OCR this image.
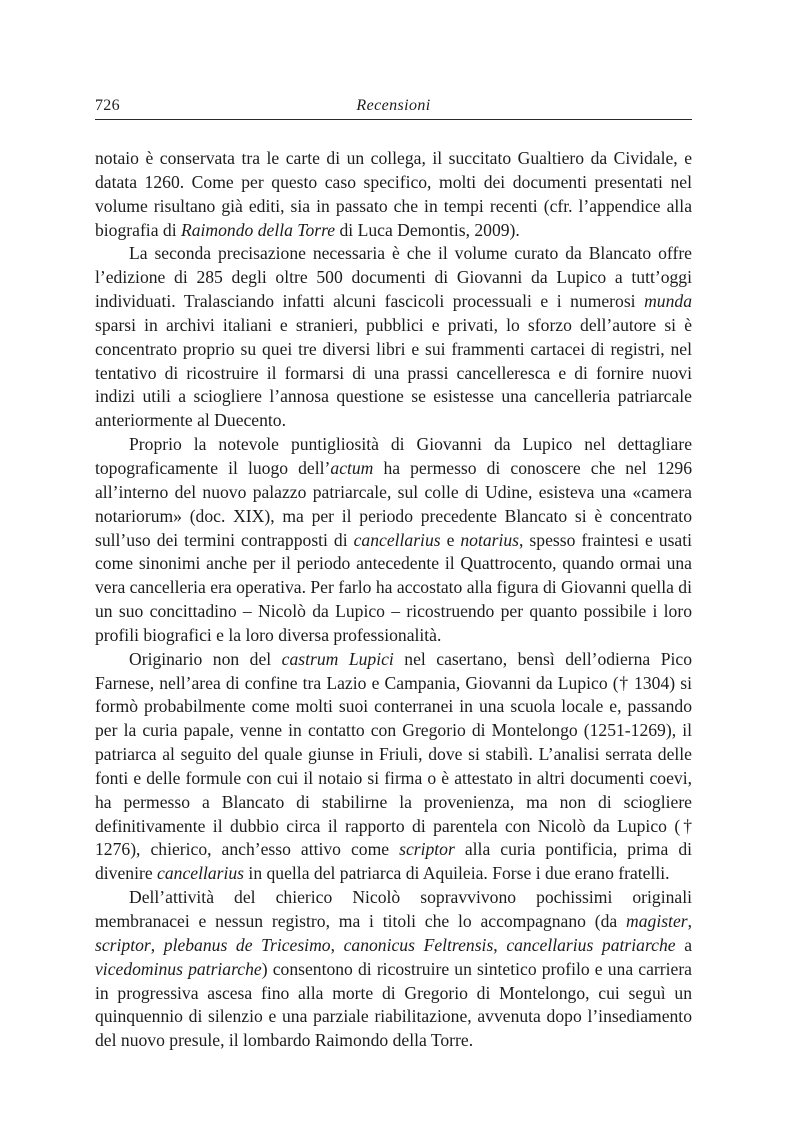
726	Recensioni

notaio è conservata tra le carte di un collega, il succitato Gualtiero da Cividale, e datata 1260. Come per questo caso specifico, molti dei documenti presentati nel volume risultano già editi, sia in passato che in tempi recenti (cfr. l’appendice alla biografia di Raimondo della Torre di Luca Demontis, 2009).

La seconda precisazione necessaria è che il volume curato da Blancato offre l’edizione di 285 degli oltre 500 documenti di Giovanni da Lupico a tutt’oggi individuati. Tralasciando infatti alcuni fascicoli processuali e i numerosi munda sparsi in archivi italiani e stranieri, pubblici e privati, lo sforzo dell’autore si è concentrato proprio su quei tre diversi libri e sui frammenti cartacei di registri, nel tentativo di ricostruire il formarsi di una prassi cancelleresca e di fornire nuovi indizi utili a sciogliere l’annosa questione se esistesse una cancelleria patriarcale anteriormente al Duecento.

Proprio la notevole puntigliosità di Giovanni da Lupico nel dettagliare topograficamente il luogo dell’actum ha permesso di conoscere che nel 1296 all’interno del nuovo palazzo patriarcale, sul colle di Udine, esisteva una «camera notariorum» (doc. XIX), ma per il periodo precedente Blancato si è concentrato sull’uso dei termini contrapposti di cancellarius e notarius, spesso fraintesi e usati come sinonimi anche per il periodo antecedente il Quattrocento, quando ormai una vera cancelleria era operativa. Per farlo ha accostato alla figura di Giovanni quella di un suo concittadino – Nicolò da Lupico – ricostruendo per quanto possibile i loro profili biografici e la loro diversa professionalità.

Originario non del castrum Lupici nel casertano, bensì dell’odierna Pico Farnese, nell’area di confine tra Lazio e Campania, Giovanni da Lupico († 1304) si formò probabilmente come molti suoi conterranei in una scuola locale e, passando per la curia papale, venne in contatto con Gregorio di Montelongo (1251-1269), il patriarca al seguito del quale giunse in Friuli, dove si stabilì. L’analisi serrata delle fonti e delle formule con cui il notaio si firma o è attestato in altri documenti coevi, ha permesso a Blancato di stabilirne la provenienza, ma non di sciogliere definitivamente il dubbio circa il rapporto di parentela con Nicolò da Lupico († 1276), chierico, anch’esso attivo come scriptor alla curia pontificia, prima di divenire cancellarius in quella del patriarca di Aquileia. Forse i due erano fratelli.

Dell’attività del chierico Nicolò sopravvivono pochissimi originali membranacei e nessun registro, ma i titoli che lo accompagnano (da magister, scriptor, plebanus de Tricesimo, canonicus Feltrensis, cancellarius patriarche a vicedominus patriarche) consentono di ricostruire un sintetico profilo e una carriera in progressiva ascesa fino alla morte di Gregorio di Montelongo, cui seguì un quinquennio di silenzio e una parziale riabilitazione, avvenuta dopo l’insediamento del nuovo presule, il lombardo Raimondo della Torre.
